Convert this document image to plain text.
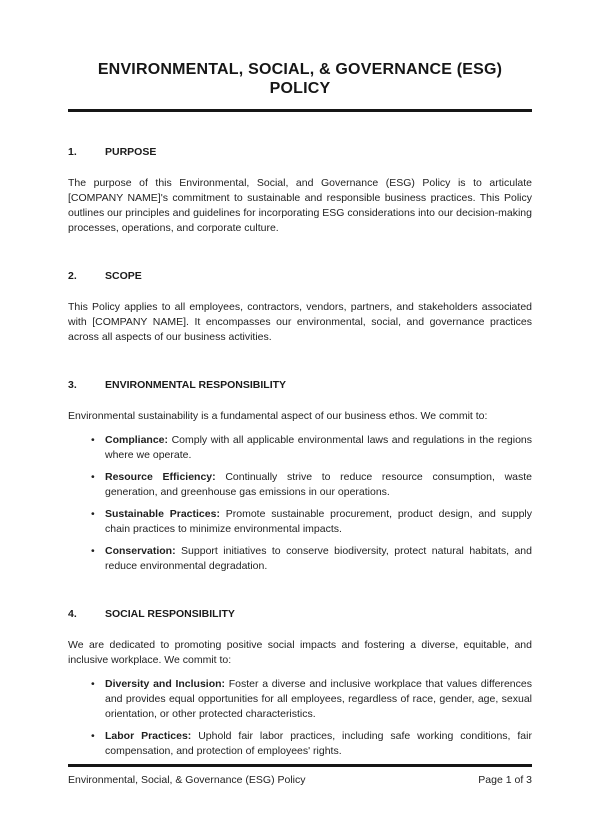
ENVIRONMENTAL, SOCIAL, & GOVERNANCE (ESG) POLICY
1.	PURPOSE

The purpose of this Environmental, Social, and Governance (ESG) Policy is to articulate [COMPANY NAME]'s commitment to sustainable and responsible business practices. This Policy outlines our principles and guidelines for incorporating ESG considerations into our decision-making processes, operations, and corporate culture.

2.	SCOPE

This Policy applies to all employees, contractors, vendors, partners, and stakeholders associated with [COMPANY NAME]. It encompasses our environmental, social, and governance practices across all aspects of our business activities.

3.	ENVIRONMENTAL RESPONSIBILITY

Environmental sustainability is a fundamental aspect of our business ethos. We commit to:

• Compliance: Comply with all applicable environmental laws and regulations in the regions where we operate.
• Resource Efficiency: Continually strive to reduce resource consumption, waste generation, and greenhouse gas emissions in our operations.
• Sustainable Practices: Promote sustainable procurement, product design, and supply chain practices to minimize environmental impacts.
• Conservation: Support initiatives to conserve biodiversity, protect natural habitats, and reduce environmental degradation.
4.	SOCIAL RESPONSIBILITY

We are dedicated to promoting positive social impacts and fostering a diverse, equitable, and inclusive workplace. We commit to:

• Diversity and Inclusion: Foster a diverse and inclusive workplace that values differences and provides equal opportunities for all employees, regardless of race, gender, age, sexual orientation, or other protected characteristics.
• Labor Practices: Uphold fair labor practices, including safe working conditions, fair compensation, and protection of employees' rights.
Environmental, Social, & Governance (ESG) Policy	Page 1 of 3
